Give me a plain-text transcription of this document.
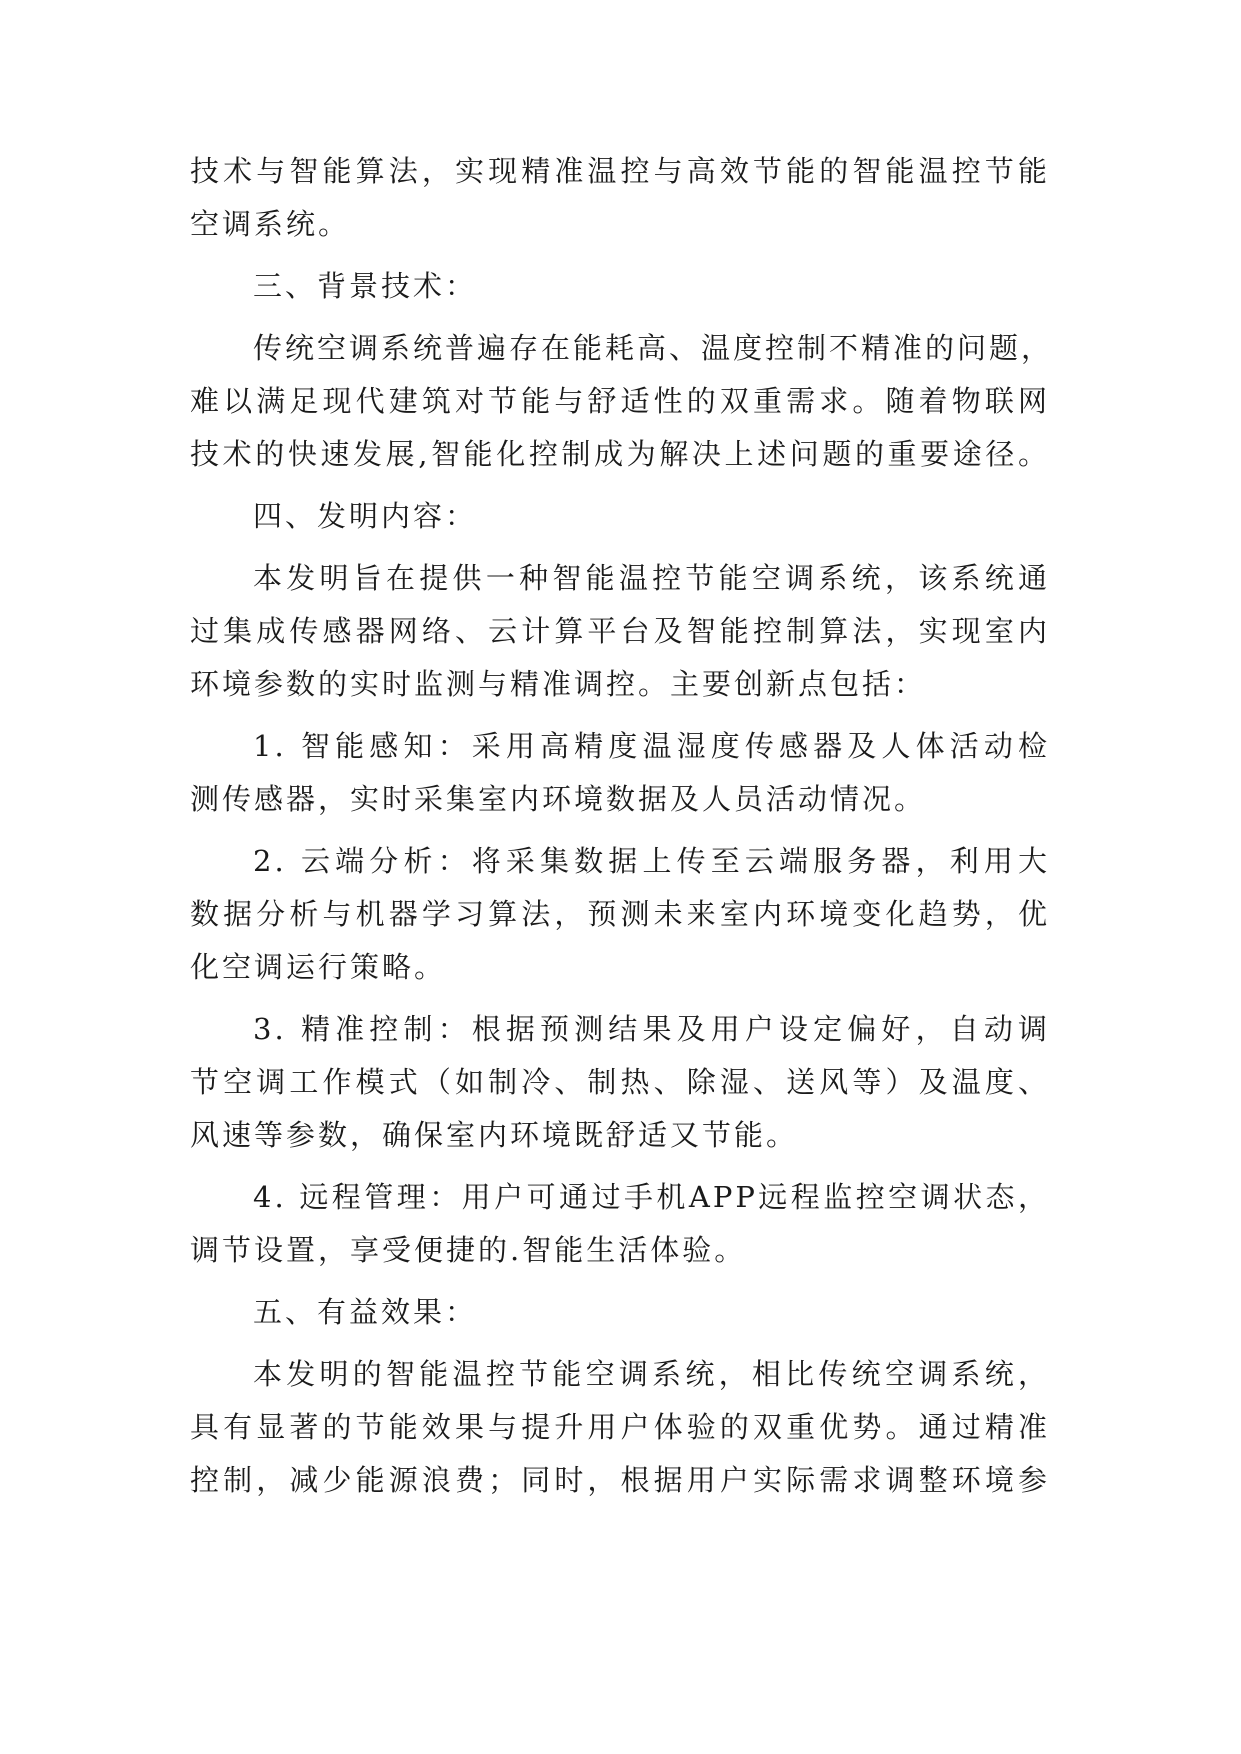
技术与智能算法，实现精准温控与高效节能的智能温控节能
空调系统。
三、背景技术：
传统空调系统普遍存在能耗高、温度控制不精准的问题，
难以满足现代建筑对节能与舒适性的双重需求。随着物联网
技术的快速发展,智能化控制成为解决上述问题的重要途径。
四、发明内容：
本发明旨在提供一种智能温控节能空调系统，该系统通
过集成传感器网络、云计算平台及智能控制算法，实现室内
环境参数的实时监测与精准调控。主要创新点包括：
1. 智能感知：采用高精度温湿度传感器及人体活动检
测传感器，实时采集室内环境数据及人员活动情况。
2. 云端分析：将采集数据上传至云端服务器，利用大
数据分析与机器学习算法，预测未来室内环境变化趋势，优
化空调运行策略。
3. 精准控制：根据预测结果及用户设定偏好，自动调
节空调工作模式（如制冷、制热、除湿、送风等）及温度、
风速等参数，确保室内环境既舒适又节能。
4. 远程管理：用户可通过手机APP远程监控空调状态，
调节设置，享受便捷的.智能生活体验。
五、有益效果：
本发明的智能温控节能空调系统，相比传统空调系统，
具有显著的节能效果与提升用户体验的双重优势。通过精准
控制，减少能源浪费；同时，根据用户实际需求调整环境参
